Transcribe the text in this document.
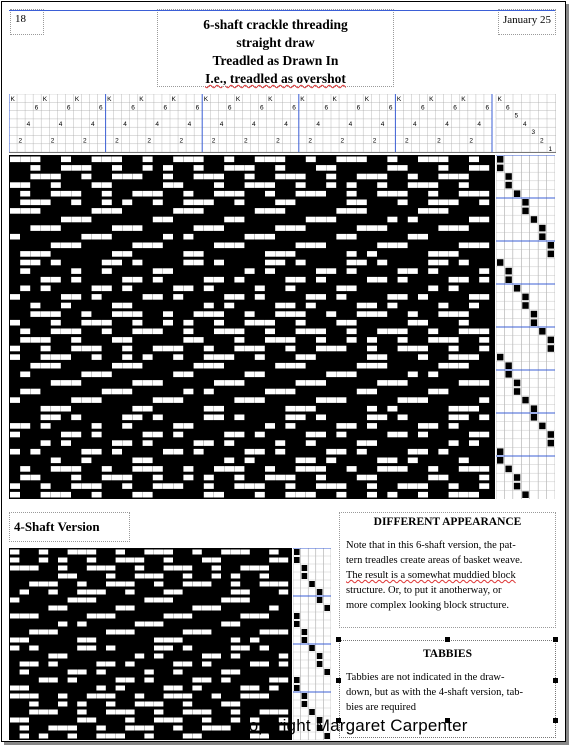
18	January 25
6-shaft crackle threading
straight draw
Treadled as Drawn In
I.e., treadled as overshot
K
2
4
6
K
2
4
6
K
2
4
6
K
2
4
6
K
2
4
6
K
2
4
6
K
2
4
6
K
2
4
6
K
2
4
6
K
2
4
6
K
2
4
6
K
2
4
6
K
2
4
6
K
2
4
6
K
2
4
6
K
6
5
4
3
2
1
4-Shaft Version	DIFFERENT APPEARANCE
Note that in this 6-shaft version, the pat-
tern treadles create areas of basket weave.
The result is a somewhat muddied block
structure. Or, to put it anotherway, or
more complex looking block structure.
TABBIES
Tabbies are not indicated in the draw-
down, but as with the 4-shaft version, tab-
bies are required
copyright Margaret Carpenter
